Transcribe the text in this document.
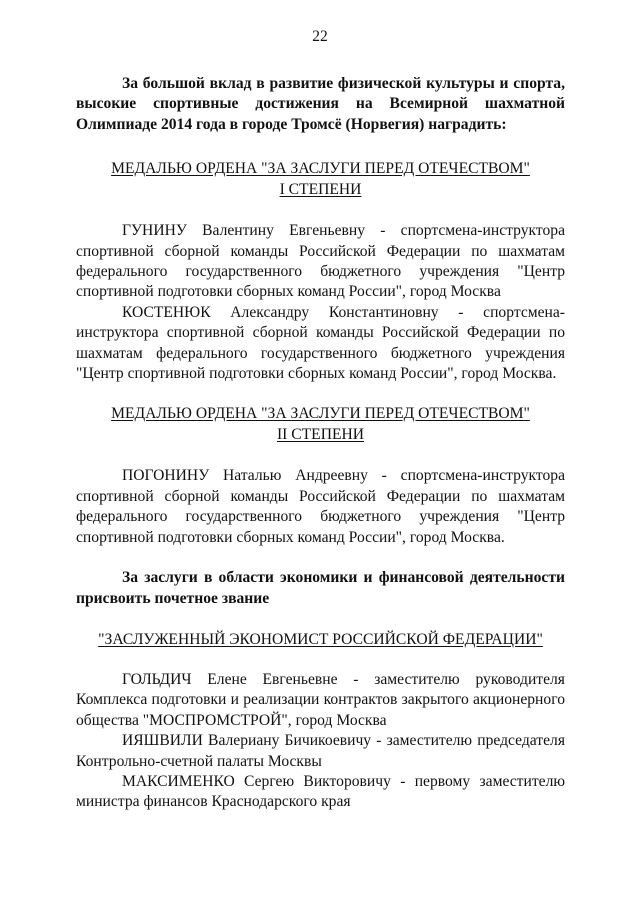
22

За большой вклад в развитие физической культуры и спорта, высокие спортивные достижения на Всемирной шахматной Олимпиаде 2014 года в городе Тромсё (Норвегия) наградить:

МЕДАЛЬЮ ОРДЕНА "ЗА ЗАСЛУГИ ПЕРЕД ОТЕЧЕСТВОМ"
I СТЕПЕНИ

ГУНИНУ Валентину Евгеньевну - спортсмена-инструктора спортивной сборной команды Российской Федерации по шахматам федерального государственного бюджетного учреждения "Центр спортивной подготовки сборных команд России", город Москва

КОСТЕНЮК Александру Константиновну - спортсмена-инструктора спортивной сборной команды Российской Федерации по шахматам федерального государственного бюджетного учреждения "Центр спортивной подготовки сборных команд России", город Москва.

МЕДАЛЬЮ ОРДЕНА "ЗА ЗАСЛУГИ ПЕРЕД ОТЕЧЕСТВОМ"
II СТЕПЕНИ

ПОГОНИНУ Наталью Андреевну - спортсмена-инструктора спортивной сборной команды Российской Федерации по шахматам федерального государственного бюджетного учреждения "Центр спортивной подготовки сборных команд России", город Москва.

За заслуги в области экономики и финансовой деятельности присвоить почетное звание

"ЗАСЛУЖЕННЫЙ ЭКОНОМИСТ РОССИЙСКОЙ ФЕДЕРАЦИИ"

ГОЛЬДИЧ Елене Евгеньевне - заместителю руководителя Комплекса подготовки и реализации контрактов закрытого акционерного общества "МОСПРОМСТРОЙ", город Москва

ИЯШВИЛИ Валериану Бичикоевичу - заместителю председателя Контрольно-счетной палаты Москвы

МАКСИМЕНКО Сергею Викторовичу - первому заместителю министра финансов Краснодарского края
